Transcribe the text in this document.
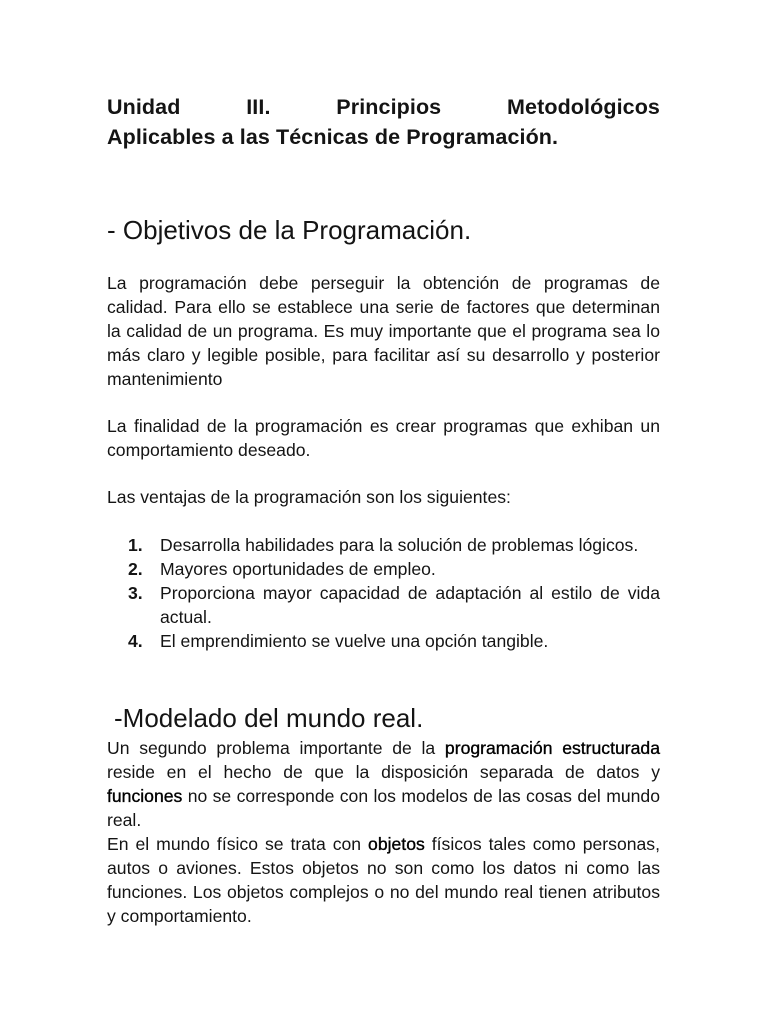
Unidad III. Principios Metodológicos
Aplicables a las Técnicas de Programación.
- Objetivos de la Programación.

La programación debe perseguir la obtención de programas de calidad. Para ello se establece una serie de factores que determinan la calidad de un programa. Es muy importante que el programa sea lo más claro y legible posible, para facilitar así su desarrollo y posterior mantenimiento

La finalidad de la programación es crear programas que exhiban un comportamiento deseado.

Las ventajas de la programación son los siguientes:

1. Desarrolla habilidades para la solución de problemas lógicos.
2. Mayores oportunidades de empleo.
3. Proporciona mayor capacidad de adaptación al estilo de vida actual.
4. El emprendimiento se vuelve una opción tangible.
-Modelado del mundo real.

Un segundo problema importante de la programación estructurada reside en el hecho de que la disposición separada de datos y funciones no se corresponde con los modelos de las cosas del mundo real.

En el mundo físico se trata con objetos físicos tales como personas, autos o aviones. Estos objetos no son como los datos ni como las funciones. Los objetos complejos o no del mundo real tienen atributos y comportamiento.
